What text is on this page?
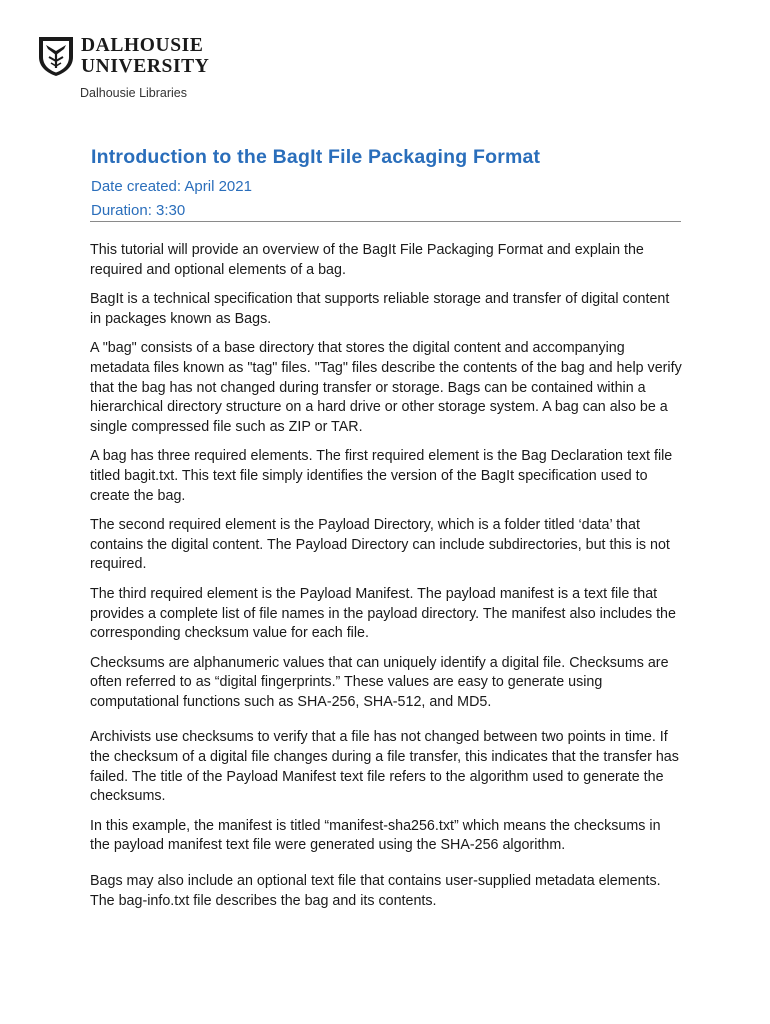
DALHOUSIE
UNIVERSITY
Dalhousie Libraries
Introduction to the BagIt File Packaging Format
Date created: April 2021
Duration: 3:30

This tutorial will provide an overview of the BagIt File Packaging Format and explain the required and optional elements of a bag.

BagIt is a technical specification that supports reliable storage and transfer of digital content in packages known as Bags.

A "bag" consists of a base directory that stores the digital content and accompanying metadata files known as "tag" files. "Tag" files describe the contents of the bag and help verify that the bag has not changed during transfer or storage. Bags can be contained within a hierarchical directory structure on a hard drive or other storage system. A bag can also be a single compressed file such as ZIP or TAR.

A bag has three required elements. The first required element is the Bag Declaration text file titled bagit.txt. This text file simply identifies the version of the BagIt specification used to create the bag.

The second required element is the Payload Directory, which is a folder titled ‘data’ that contains the digital content. The Payload Directory can include subdirectories, but this is not required.

The third required element is the Payload Manifest. The payload manifest is a text file that provides a complete list of file names in the payload directory. The manifest also includes the corresponding checksum value for each file.

Checksums are alphanumeric values that can uniquely identify a digital file. Checksums are often referred to as “digital fingerprints.” These values are easy to generate using computational functions such as SHA-256, SHA-512, and MD5.

Archivists use checksums to verify that a file has not changed between two points in time. If the checksum of a digital file changes during a file transfer, this indicates that the transfer has failed. The title of the Payload Manifest text file refers to the algorithm used to generate the checksums.

In this example, the manifest is titled “manifest-sha256.txt” which means the checksums in the payload manifest text file were generated using the SHA-256 algorithm.

Bags may also include an optional text file that contains user-supplied metadata elements. The bag-info.txt file describes the bag and its contents.
